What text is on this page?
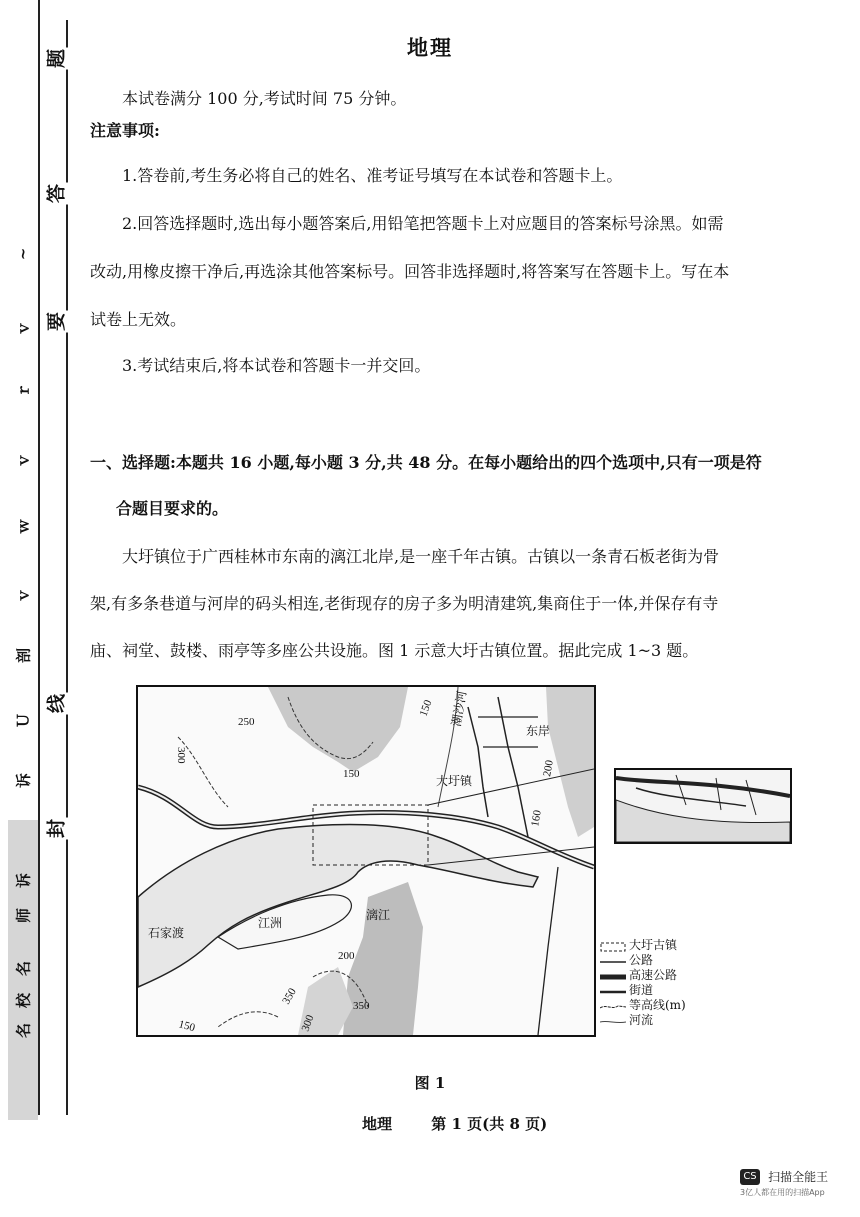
题
答
要
封
线
~
ｖ
ｒ
ｖ
ｗ
ｖ
剖
Ｕ
诉
名
校
名
师
诉
地理
本试卷满分 100 分,考试时间 75 分钟。
注意事项:
1.答卷前,考生务必将自己的姓名、准考证号填写在本试卷和答题卡上。
2.回答选择题时,选出每小题答案后,用铅笔把答题卡上对应题目的答案标号涂黑。如需
改动,用橡皮擦干净后,再选涂其他答案标号。回答非选择题时,将答案写在答题卡上。写在本
试卷上无效。
3.考试结束后,将本试卷和答题卡一并交回。
一、选择题:本题共 16 小题,每小题 3 分,共 48 分。在每小题给出的四个选项中,只有一项是符
合题目要求的。
大圩镇位于广西桂林市东南的漓江北岸,是一座千年古镇。古镇以一条青石板老街为骨
架,有多条巷道与河岸的码头相连,老街现存的房子多为明清建筑,集商住于一体,并保存有寺
庙、祠堂、鼓楼、雨亭等多座公共设施。图 1 示意大圩古镇位置。据此完成 1~3 题。
250
300
150
150	200
160
200
350	350
300
150
大圩镇
东岸
潮沙河
石家渡
江洲
漓江
大圩古镇
公路
高速公路
街道
等高线(m)
河流
图 1
地理	第 1 页(共 8 页)
CS 扫描全能王
3亿人都在用的扫描App
